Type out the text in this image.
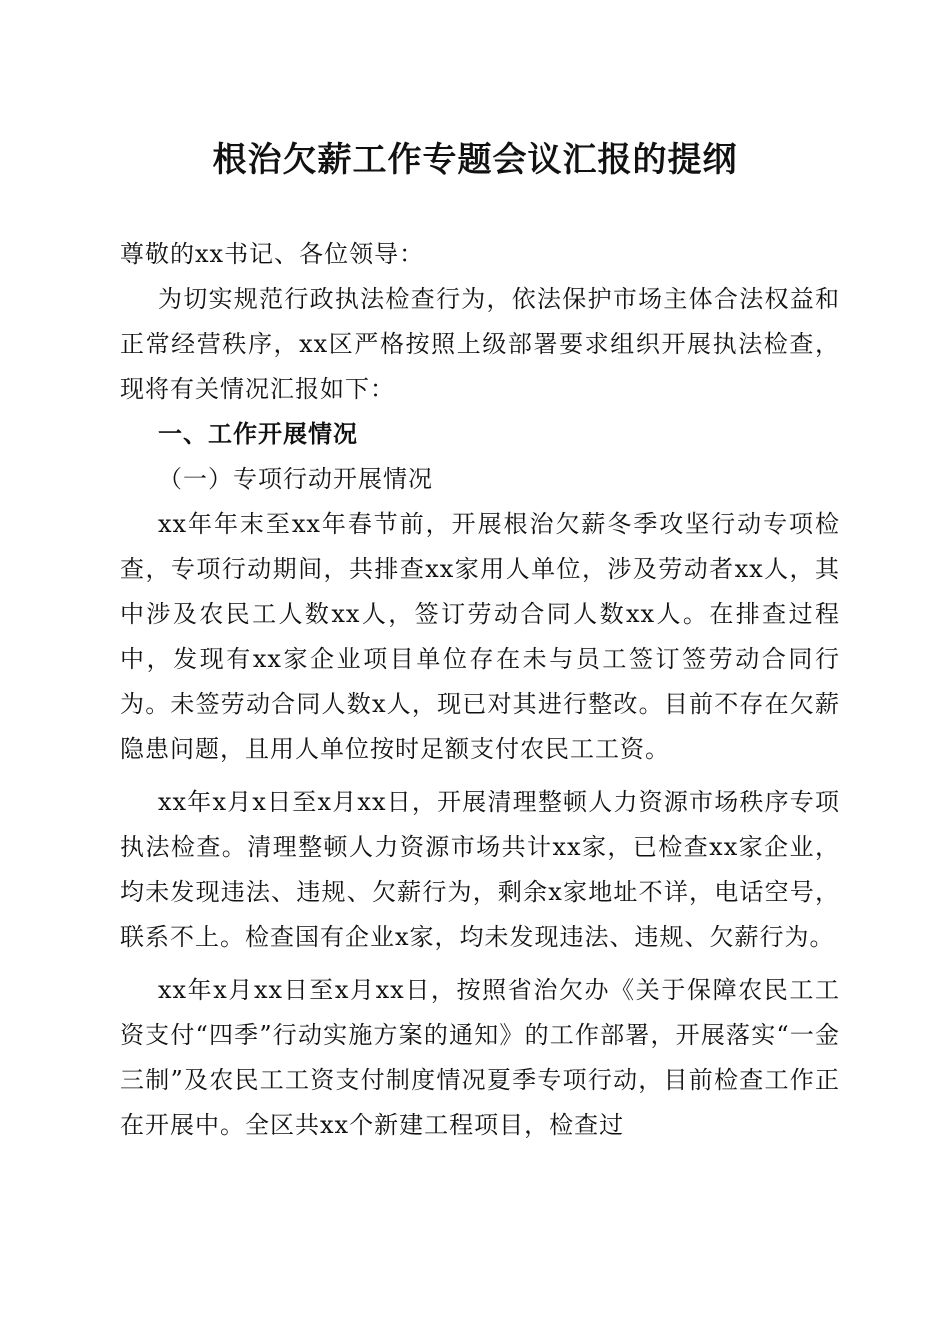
根治欠薪工作专题会议汇报的提纲

尊敬的xx书记、各位领导：

为切实规范行政执法检查行为，依法保护市场主体合法权益和正常经营秩序，xx区严格按照上级部署要求组织开展执法检查，现将有关情况汇报如下：

一、工作开展情况

（一）专项行动开展情况

xx年年末至xx年春节前，开展根治欠薪冬季攻坚行动专项检查，专项行动期间，共排查xx家用人单位，涉及劳动者xx人，其中涉及农民工人数xx人，签订劳动合同人数xx人。在排查过程中，发现有xx家企业项目单位存在未与员工签订签劳动合同行为。未签劳动合同人数x人，现已对其进行整改。目前不存在欠薪隐患问题，且用人单位按时足额支付农民工工资。

xx年x月x日至x月xx日，开展清理整顿人力资源市场秩序专项执法检查。清理整顿人力资源市场共计xx家，已检查xx家企业，均未发现违法、违规、欠薪行为，剩余x家地址不详，电话空号，联系不上。检查国有企业x家，均未发现违法、违规、欠薪行为。

xx年x月xx日至x月xx日，按照省治欠办《关于保障农民工工资支付“四季”行动实施方案的通知》的工作部署，开展落实“一金三制”及农民工工资支付制度情况夏季专项行动，目前检查工作正在开展中。全区共xx个新建工程项目，检查过
